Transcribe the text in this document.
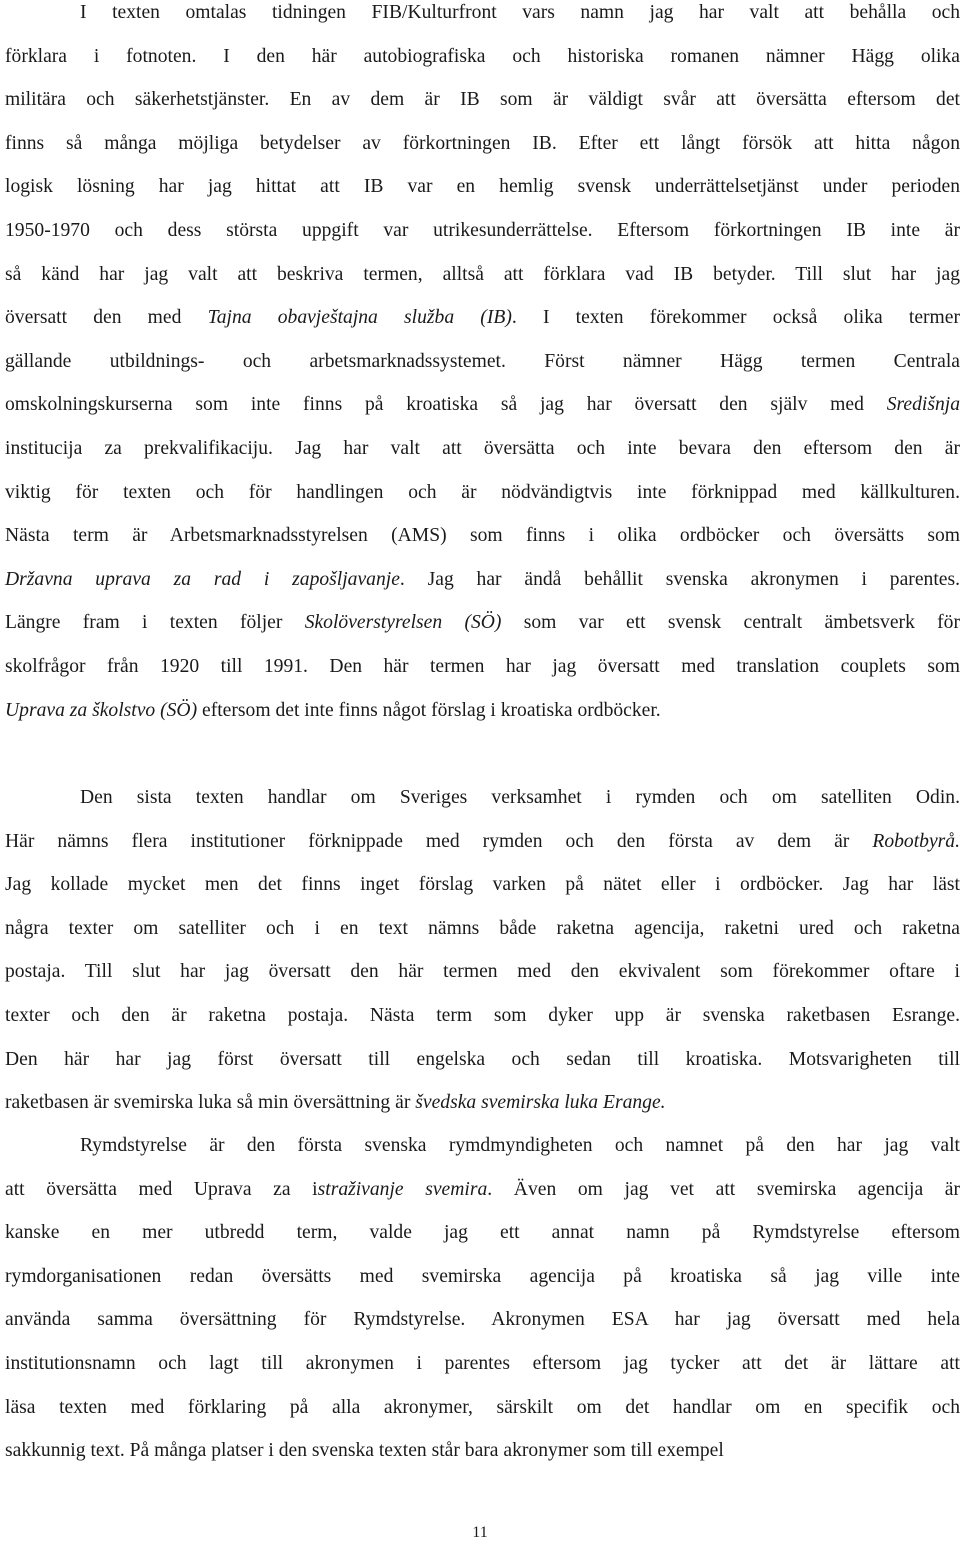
I texten omtalas tidningen FIB/Kulturfront vars namn jag har valt att behålla och
förklara i fotnoten. I den här autobiografiska och historiska romanen nämner Hägg olika
militära och säkerhetstjänster. En av dem är IB som är väldigt svår att översätta eftersom det
finns så många möjliga betydelser av förkortningen IB. Efter ett långt försök att hitta någon
logisk lösning har jag hittat att IB var en hemlig svensk underrättelsetjänst under perioden
1950-1970 och dess största uppgift var utrikesunderrättelse. Eftersom förkortningen IB inte är
så känd har jag valt att beskriva termen, alltså att förklara vad IB betyder. Till slut har jag
översatt den med Tajna obavještajna služba (IB). I texten förekommer också olika termer
gällande utbildnings- och arbetsmarknadssystemet. Först nämner Hägg termen Centrala
omskolningskurserna som inte finns på kroatiska så jag har översatt den själv med Središnja
institucija za prekvalifikaciju. Jag har valt att översätta och inte bevara den eftersom den är
viktig för texten och för handlingen och är nödvändigtvis inte förknippad med källkulturen.
Nästa term är Arbetsmarknadsstyrelsen (AMS) som finns i olika ordböcker och översätts som
Državna uprava za rad i zapošljavanje. Jag har ändå behållit svenska akronymen i parentes.
Längre fram i texten följer Skolöverstyrelsen (SÖ) som var ett svensk centralt ämbetsverk för
skolfrågor från 1920 till 1991. Den här termen har jag översatt med translation couplets som
Uprava za školstvo (SÖ) eftersom det inte finns något förslag i kroatiska ordböcker.
Den sista texten handlar om Sveriges verksamhet i rymden och om satelliten Odin.
Här nämns flera institutioner förknippade med rymden och den första av dem är Robotbyrå.
Jag kollade mycket men det finns inget förslag varken på nätet eller i ordböcker. Jag har läst
några texter om satelliter och i en text nämns både raketna agencija, raketni ured och raketna
postaja. Till slut har jag översatt den här termen med den ekvivalent som förekommer oftare i
texter och den är raketna postaja. Nästa term som dyker upp är svenska raketbasen Esrange.
Den här har jag först översatt till engelska och sedan till kroatiska. Motsvarigheten till
raketbasen är svemirska luka så min översättning är švedska svemirska luka Erange.
Rymdstyrelse är den första svenska rymdmyndigheten och namnet på den har jag valt
att översätta med Uprava za istraživanje svemira. Även om jag vet att svemirska agencija är
kanske en mer utbredd term, valde jag ett annat namn på Rymdstyrelse eftersom
rymdorganisationen redan översätts med svemirska agencija på kroatiska så jag ville inte
använda samma översättning för Rymdstyrelse. Akronymen ESA har jag översatt med hela
institutionsnamn och lagt till akronymen i parentes eftersom jag tycker att det är lättare att
läsa texten med förklaring på alla akronymer, särskilt om det handlar om en specifik och
sakkunnig text. På många platser i den svenska texten står bara akronymer som till exempel
11
